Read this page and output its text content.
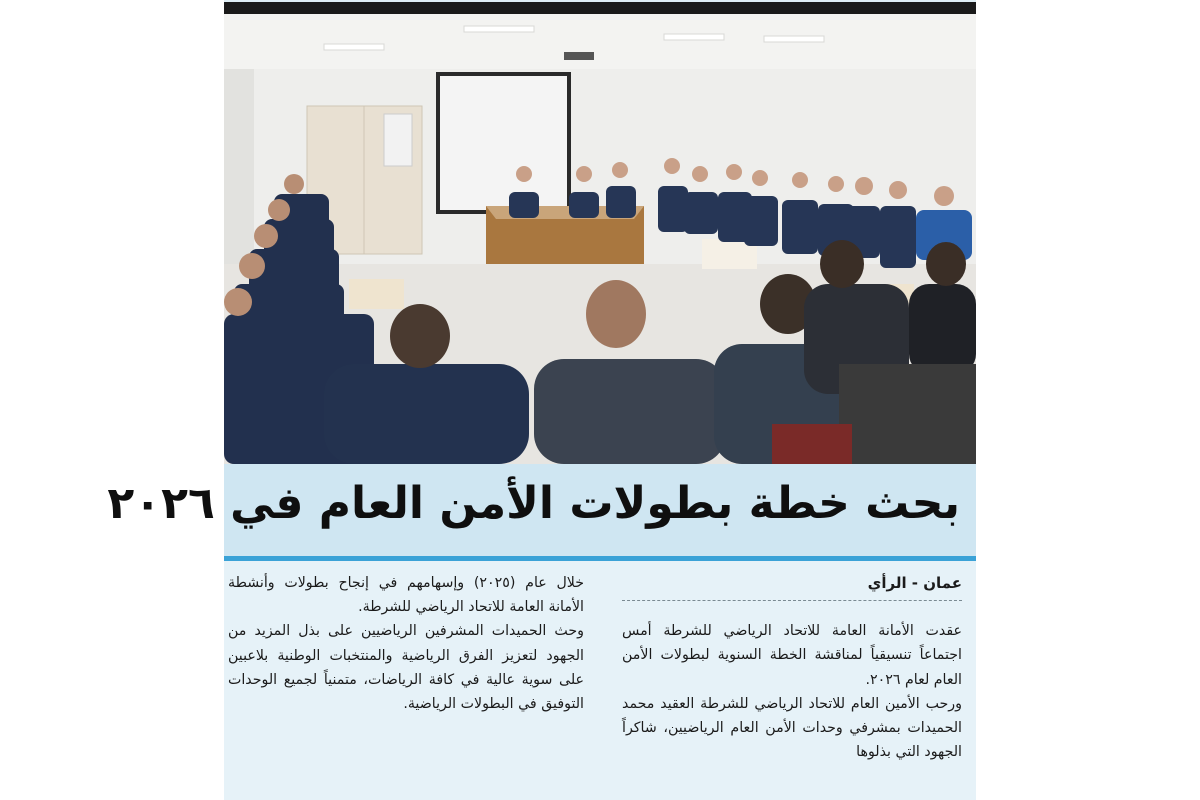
بحث خطة بطولات الأمن العام في ٢٠٢٦
عمان - الرأي
عقدت الأمانة العامة للاتحاد الرياضي للشرطة أمس اجتماعاً تنسيقياً لمناقشة الخطة السنوية لبطولات الأمن العام لعام ٢٠٢٦.
ورحب الأمين العام للاتحاد الرياضي للشرطة العقيد محمد الحميدات بمشرفي وحدات الأمن العام الرياضيين، شاكراً الجهود التي بذلوها
خلال عام (٢٠٢٥) وإسهامهم في إنجاح بطولات وأنشطة الأمانة العامة للاتحاد الرياضي للشرطة.
وحث الحميدات المشرفين الرياضيين على بذل المزيد من الجهود لتعزيز الفرق الرياضية والمنتخبات الوطنية بلاعبين على سوية عالية في كافة الرياضات، متمنياً لجميع الوحدات التوفيق في البطولات الرياضية.
